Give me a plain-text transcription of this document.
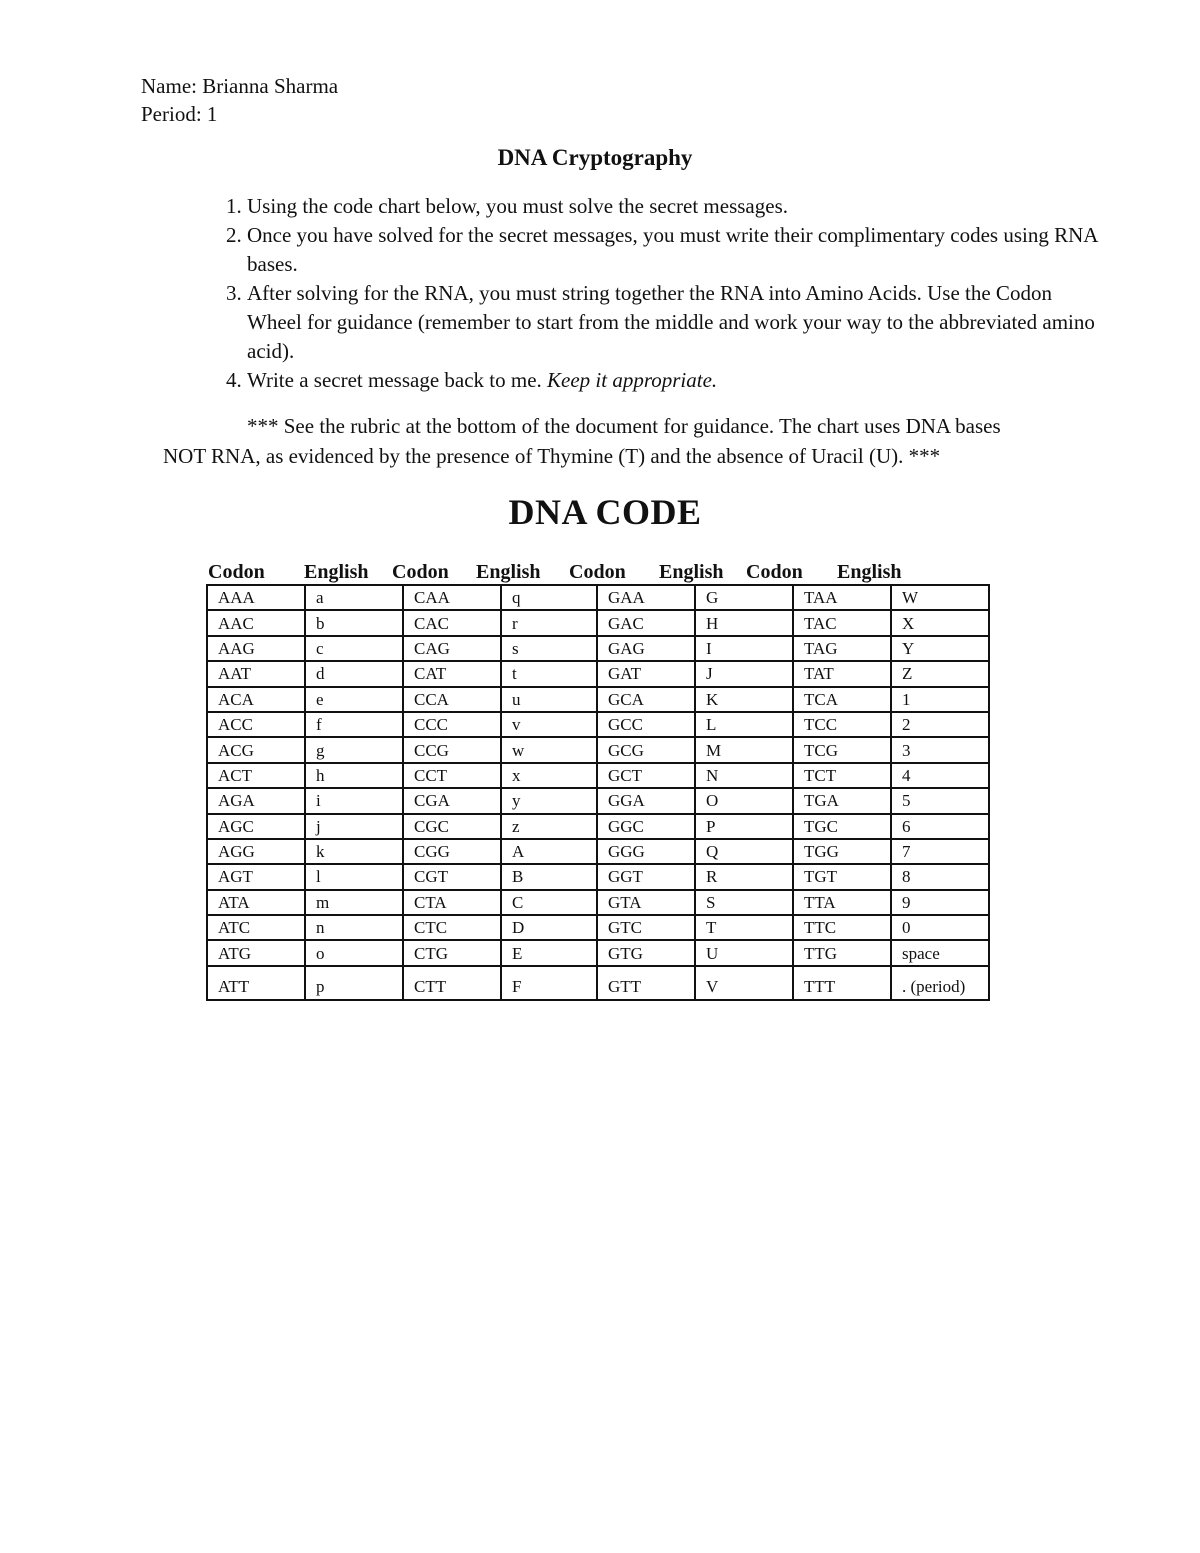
Name: Brianna Sharma
Period: 1
DNA Cryptography
1. Using the code chart below, you must solve the secret messages.
2. Once you have solved for the secret messages, you must write their complimentary codes using RNA bases.
3. After solving for the RNA, you must string together the RNA into Amino Acids. Use the Codon Wheel for guidance (remember to start from the middle and work your way to the abbreviated amino acid).
4. Write a secret message back to me. Keep it appropriate.
*** See the rubric at the bottom of the document for guidance. The chart uses DNA bases
NOT RNA, as evidenced by the presence of Thymine (T) and the absence of Uracil (U). ***
DNA CODE
Codon English Codon English Codon English Codon English
AAA	a	CAA	q	GAA	G	TAA	W
AAC	b	CAC	r	GAC	H	TAC	X
AAG	c	CAG	s	GAG	I	TAG	Y
AAT	d	CAT	t	GAT	J	TAT	Z
ACA	e	CCA	u	GCA	K	TCA	1
ACC	f	CCC	v	GCC	L	TCC	2
ACG	g	CCG	w	GCG	M	TCG	3
ACT	h	CCT	x	GCT	N	TCT	4
AGA	i	CGA	y	GGA	O	TGA	5
AGC	j	CGC	z	GGC	P	TGC	6
AGG	k	CGG	A	GGG	Q	TGG	7
AGT	l	CGT	B	GGT	R	TGT	8
ATA	m	CTA	C	GTA	S	TTA	9
ATC	n	CTC	D	GTC	T	TTC	0
ATG	o	CTG	E	GTG	U	TTG	space
ATT	p	CTT	F	GTT	V	TTT	. (period)
